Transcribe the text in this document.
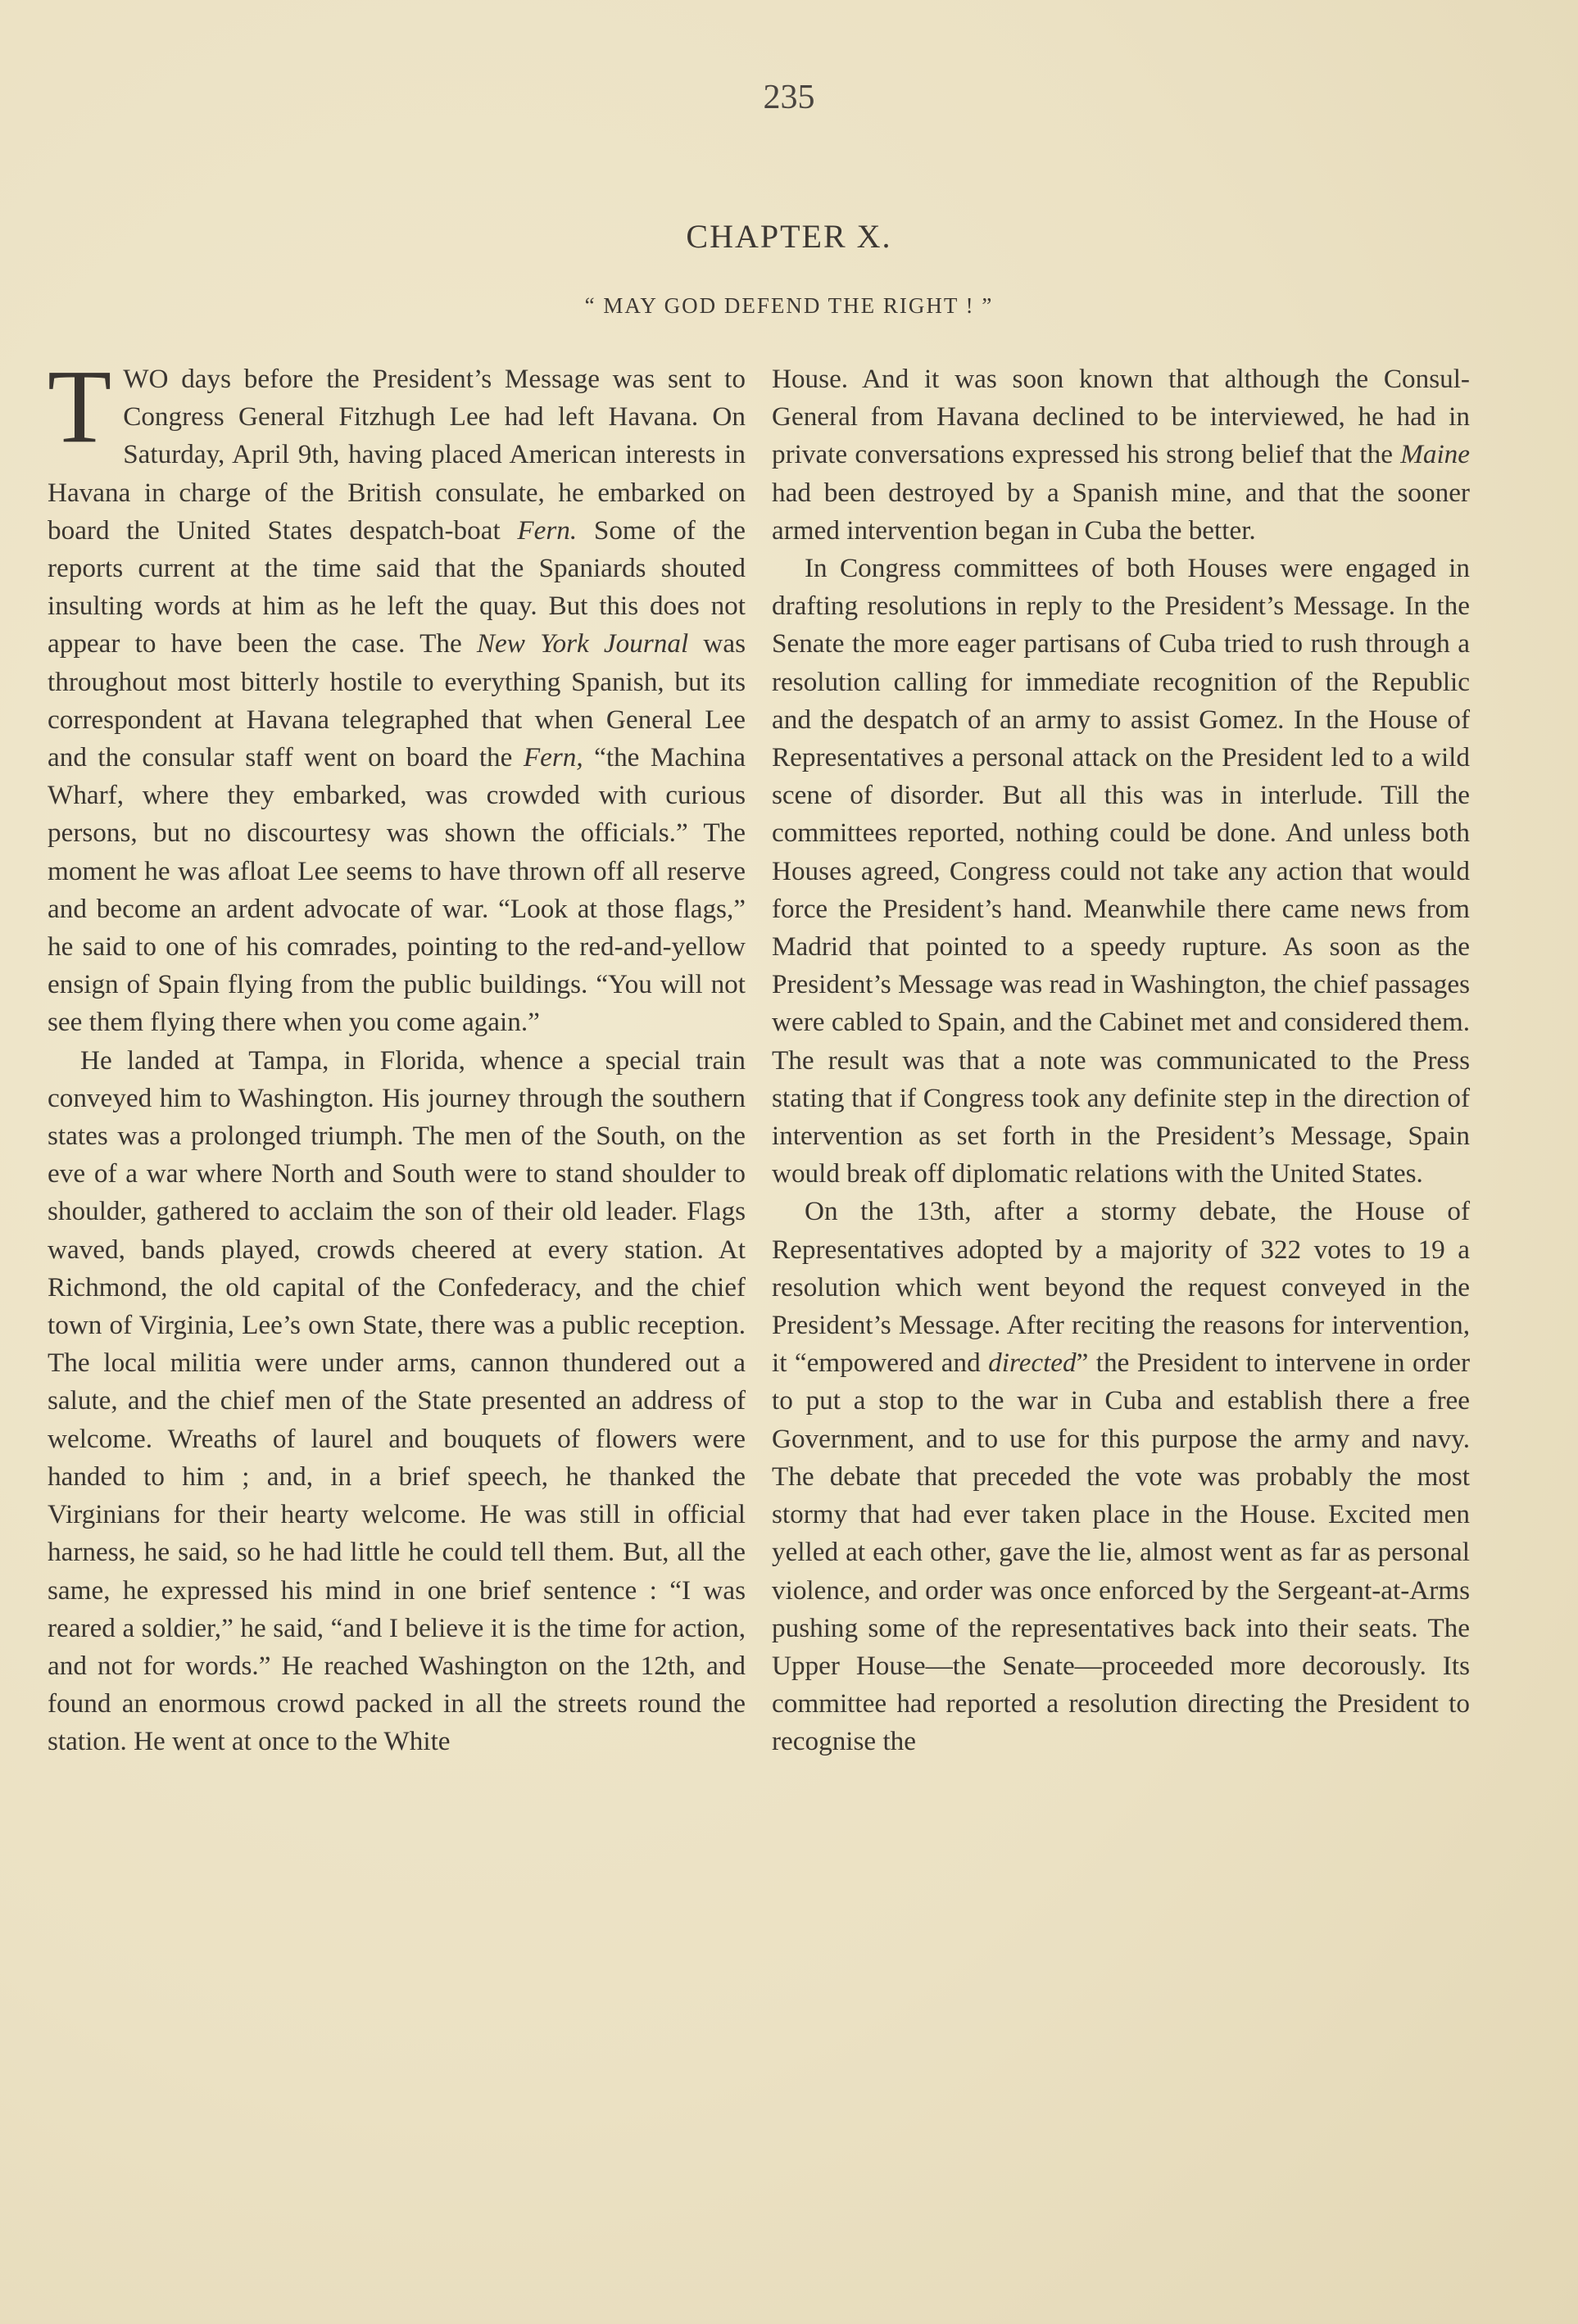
235
CHAPTER X.
“ MAY GOD DEFEND THE RIGHT ! ”

TWO days before the President’s Message was sent to Congress General Fitzhugh Lee had left Havana. On Saturday, April 9th, having placed American interests in Havana in charge of the British consulate, he embarked on board the United States despatch-boat Fern. Some of the reports current at the time said that the Spaniards shouted insulting words at him as he left the quay. But this does not appear to have been the case. The New York Journal was throughout most bitterly hostile to everything Spanish, but its correspondent at Havana telegraphed that when General Lee and the consular staff went on board the Fern, “the Machina Wharf, where they embarked, was crowded with curious persons, but no discourtesy was shown the officials.” The moment he was afloat Lee seems to have thrown off all reserve and become an ardent advocate of war. “Look at those flags,” he said to one of his comrades, pointing to the red-and-yellow ensign of Spain flying from the public buildings. “You will not see them flying there when you come again.”

He landed at Tampa, in Florida, whence a special train conveyed him to Washington. His journey through the southern states was a prolonged triumph. The men of the South, on the eve of a war where North and South were to stand shoulder to shoulder, gathered to acclaim the son of their old leader. Flags waved, bands played, crowds cheered at every station. At Richmond, the old capital of the Confederacy, and the chief town of Virginia, Lee’s own State, there was a public reception. The local militia were under arms, cannon thundered out a salute, and the chief men of the State presented an address of welcome. Wreaths of laurel and bouquets of flowers were handed to him ; and, in a brief speech, he thanked the Virginians for their hearty welcome. He was still in official harness, he said, so he had little he could tell them. But, all the same, he expressed his mind in one brief sentence : “I was reared a soldier,” he said, “and I believe it is the time for action, and not for words.” He reached Washington on the 12th, and found an enormous crowd packed in all the streets round the station. He went at once to the White

House. And it was soon known that although the Consul-General from Havana declined to be interviewed, he had in private conversations expressed his strong belief that the Maine had been destroyed by a Spanish mine, and that the sooner armed intervention began in Cuba the better.

In Congress committees of both Houses were engaged in drafting resolutions in reply to the President’s Message. In the Senate the more eager partisans of Cuba tried to rush through a resolution calling for immediate recognition of the Republic and the despatch of an army to assist Gomez. In the House of Representatives a personal attack on the President led to a wild scene of disorder. But all this was in interlude. Till the committees reported, nothing could be done. And unless both Houses agreed, Congress could not take any action that would force the President’s hand. Meanwhile there came news from Madrid that pointed to a speedy rupture. As soon as the President’s Message was read in Washington, the chief passages were cabled to Spain, and the Cabinet met and considered them. The result was that a note was communicated to the Press stating that if Congress took any definite step in the direction of intervention as set forth in the President’s Message, Spain would break off diplomatic relations with the United States.

On the 13th, after a stormy debate, the House of Representatives adopted by a majority of 322 votes to 19 a resolution which went beyond the request conveyed in the President’s Message. After reciting the reasons for intervention, it “empowered and directed” the President to intervene in order to put a stop to the war in Cuba and establish there a free Government, and to use for this purpose the army and navy. The debate that preceded the vote was probably the most stormy that had ever taken place in the House. Excited men yelled at each other, gave the lie, almost went as far as personal violence, and order was once enforced by the Sergeant-at-Arms pushing some of the representatives back into their seats. The Upper House—the Senate—proceeded more decorously. Its committee had reported a resolution directing the President to recognise the
